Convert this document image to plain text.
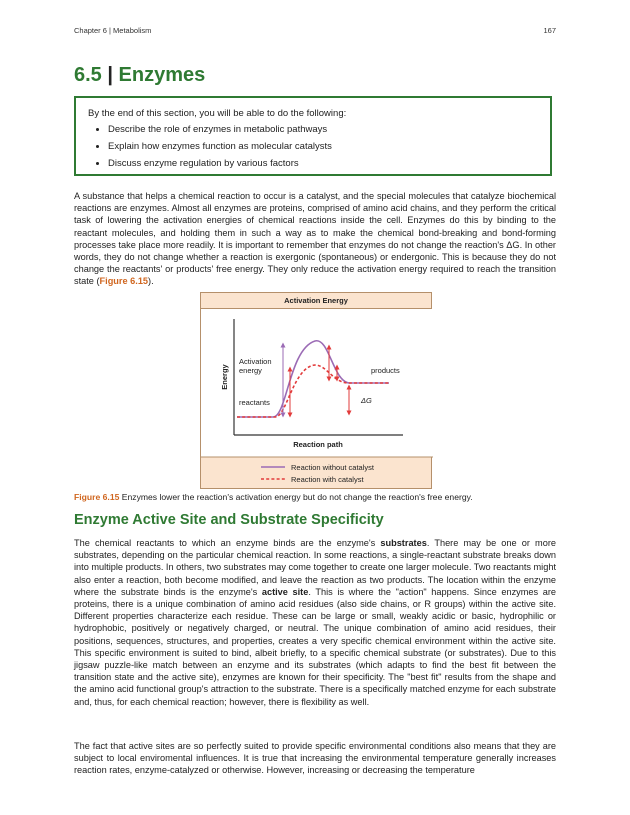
Chapter 6 | Metabolism	167
6.5 | Enzymes
By the end of this section, you will be able to do the following:
• Describe the role of enzymes in metabolic pathways
• Explain how enzymes function as molecular catalysts
• Discuss enzyme regulation by various factors

A substance that helps a chemical reaction to occur is a catalyst, and the special molecules that catalyze biochemical reactions are enzymes. Almost all enzymes are proteins, comprised of amino acid chains, and they perform the critical task of lowering the activation energies of chemical reactions inside the cell. Enzymes do this by binding to the reactant molecules, and holding them in such a way as to make the chemical bond-breaking and bond-forming processes take place more readily. It is important to remember that enzymes do not change the reaction's ΔG. In other words, they do not change whether a reaction is exergonic (spontaneous) or endergonic. This is because they do not change the reactants' or products' free energy. They only reduce the activation energy required to reach the transition state (Figure 6.15).

Activation Energy
Energy
Reaction path
Activation
energy
reactants
products
ΔG
Reaction without catalyst
Reaction with catalyst

Figure 6.15 Enzymes lower the reaction's activation energy but do not change the reaction's free energy.

Enzyme Active Site and Substrate Specificity

The chemical reactants to which an enzyme binds are the enzyme's substrates. There may be one or more substrates, depending on the particular chemical reaction. In some reactions, a single-reactant substrate breaks down into multiple products. In others, two substrates may come together to create one larger molecule. Two reactants might also enter a reaction, both become modified, and leave the reaction as two products. The location within the enzyme where the substrate binds is the enzyme's active site. This is where the "action" happens. Since enzymes are proteins, there is a unique combination of amino acid residues (also side chains, or R groups) within the active site. Different properties characterize each residue. These can be large or small, weakly acidic or basic, hydrophilic or hydrophobic, positively or negatively charged, or neutral. The unique combination of amino acid residues, their positions, sequences, structures, and properties, creates a very specific chemical environment within the active site. This specific environment is suited to bind, albeit briefly, to a specific chemical substrate (or substrates). Due to this jigsaw puzzle-like match between an enzyme and its substrates (which adapts to find the best fit between the transition state and the active site), enzymes are known for their specificity. The "best fit" results from the shape and the amino acid functional group's attraction to the substrate. There is a specifically matched enzyme for each substrate and, thus, for each chemical reaction; however, there is flexibility as well.

The fact that active sites are so perfectly suited to provide specific environmental conditions also means that they are subject to local enviromental influences. It is true that increasing the environmental temperature generally increases reaction rates, enzyme-catalyzed or otherwise. However, increasing or decreasing the temperature
